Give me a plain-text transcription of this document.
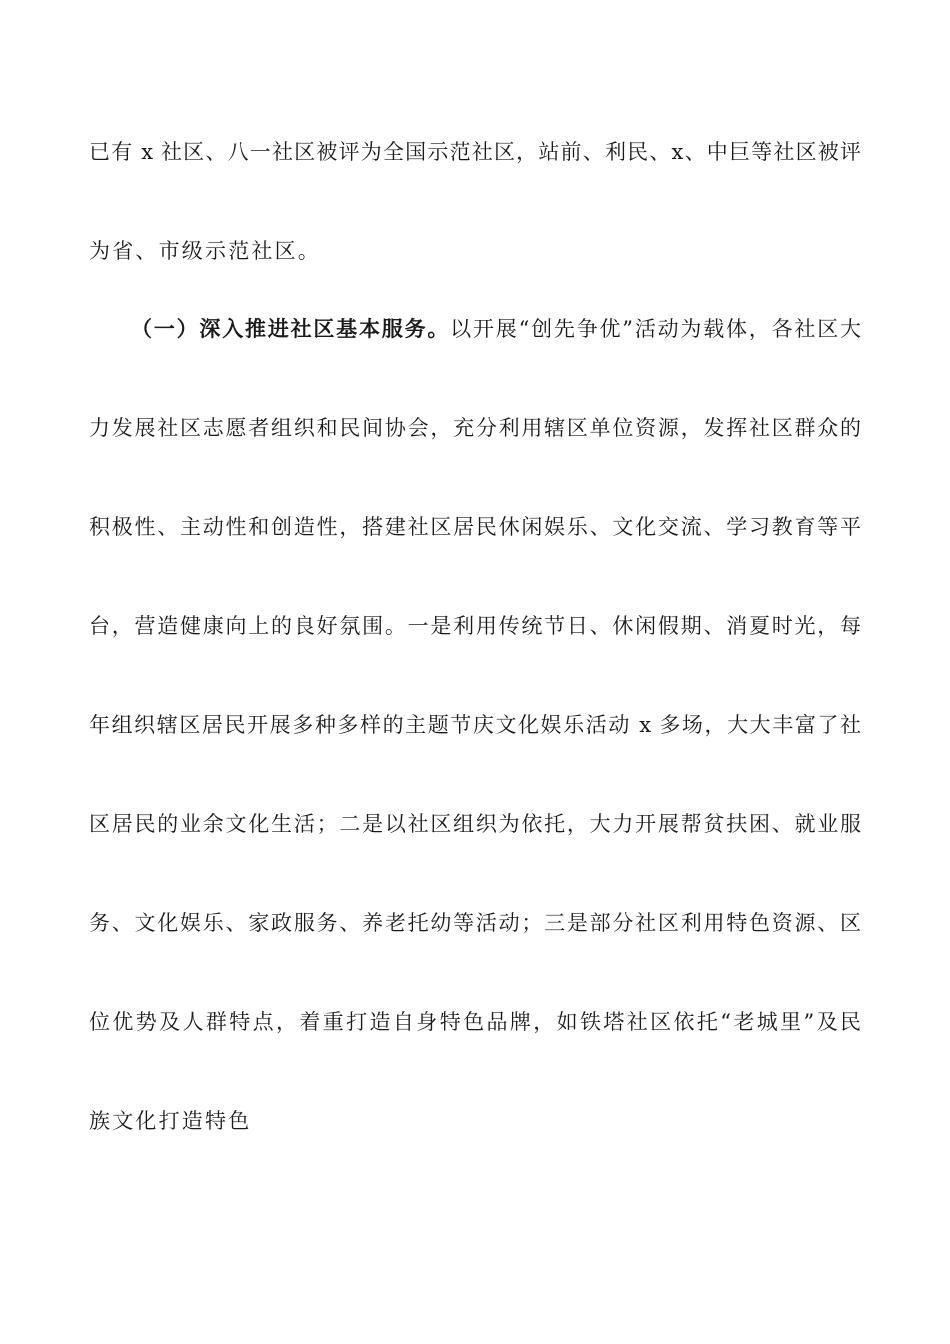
已有 x 社区、八一社区被评为全国示范社区，站前、利民、x、中巨等社区被评
为省、市级示范社区。
（一）深入推进社区基本服务。以开展“创先争优”活动为载体，各社区大
力发展社区志愿者组织和民间协会，充分利用辖区单位资源，发挥社区群众的
积极性、主动性和创造性，搭建社区居民休闲娱乐、文化交流、学习教育等平
台，营造健康向上的良好氛围。一是利用传统节日、休闲假期、消夏时光，每
年组织辖区居民开展多种多样的主题节庆文化娱乐活动 x 多场，大大丰富了社
区居民的业余文化生活；二是以社区组织为依托，大力开展帮贫扶困、就业服
务、文化娱乐、家政服务、养老托幼等活动；三是部分社区利用特色资源、区
位优势及人群特点，着重打造自身特色品牌，如铁塔社区依托“老城里”及民
族文化打造特色
